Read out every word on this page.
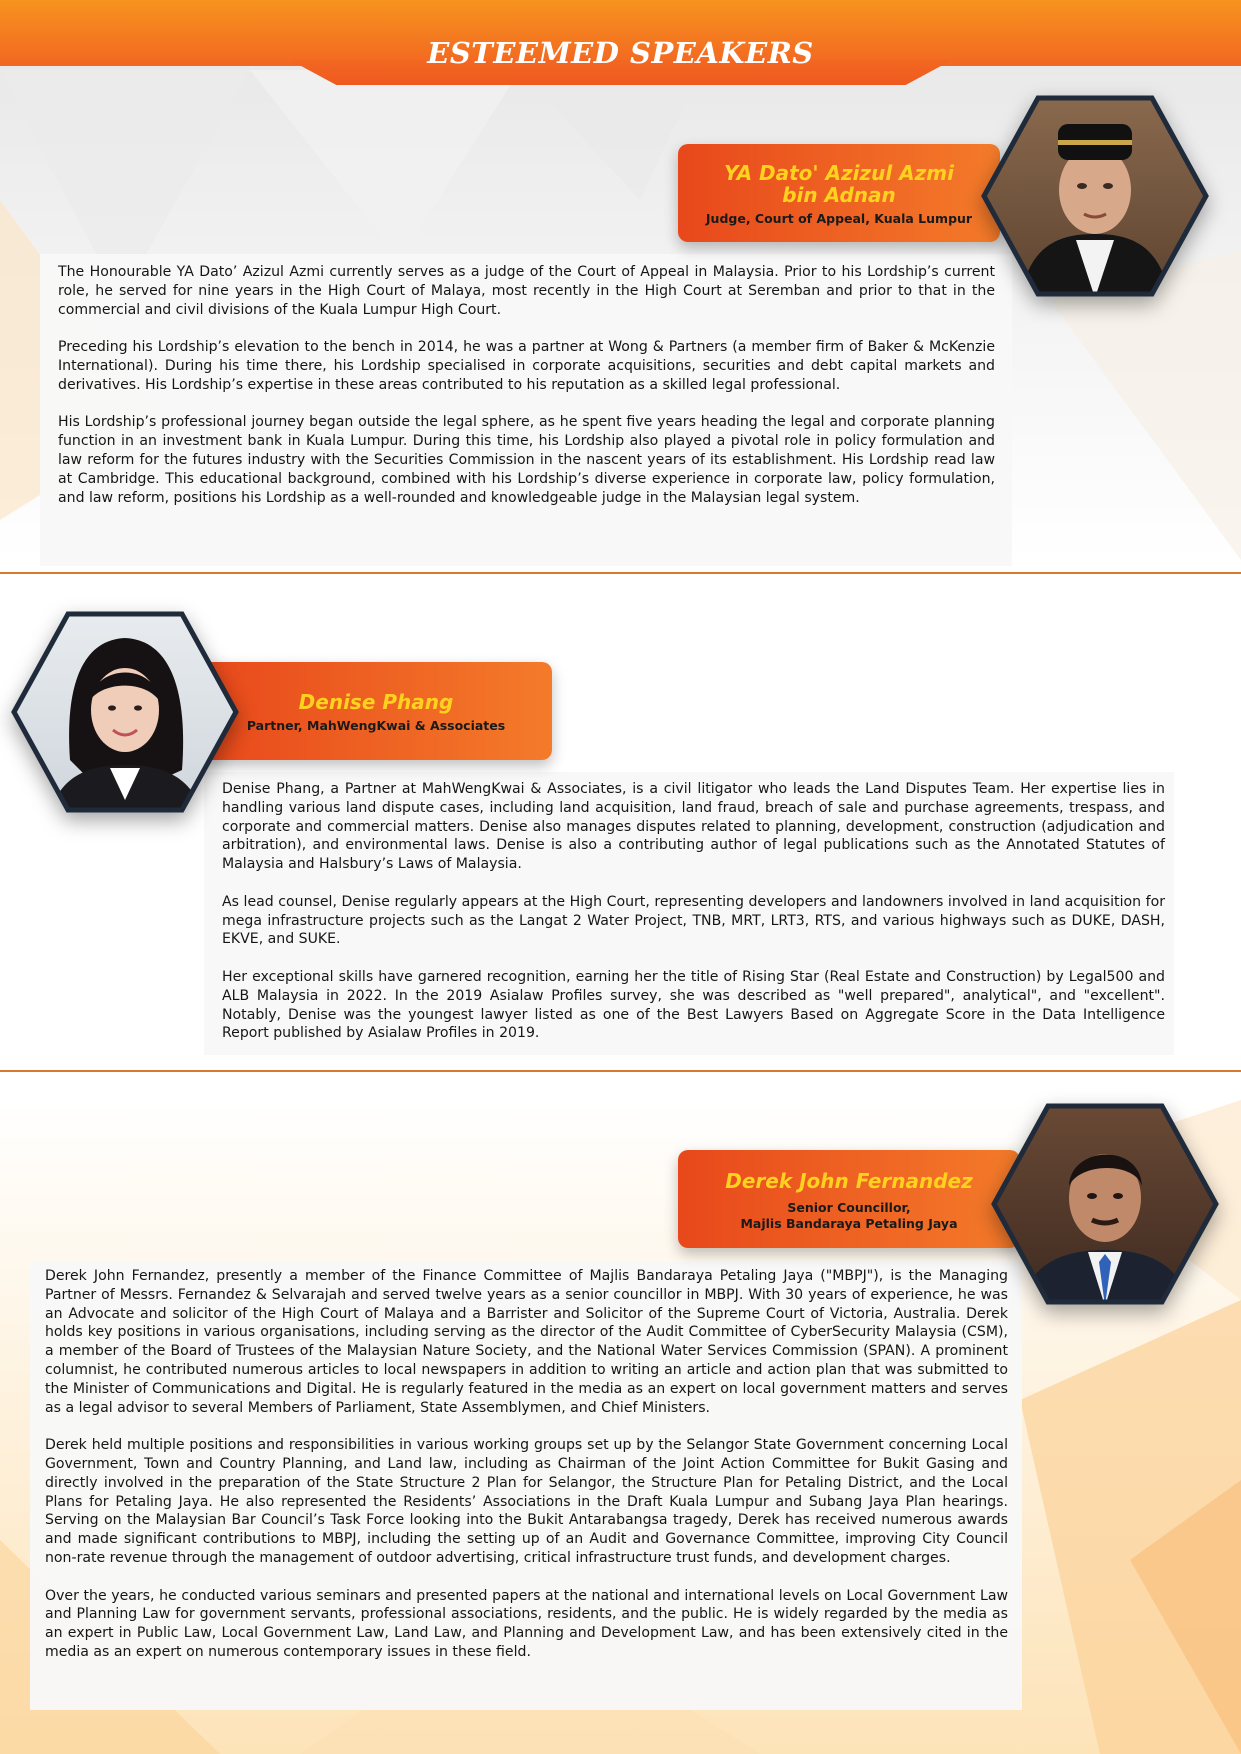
ESTEEMED SPEAKERS

The Honourable YA Dato’ Azizul Azmi currently serves as a judge of the Court of Appeal in Malaysia. Prior to his Lordship’s current role, he served for nine years in the High Court of Malaya, most recently in the High Court at Seremban and prior to that in the commercial and civil divisions of the Kuala Lumpur High Court.

Preceding his Lordship’s elevation to the bench in 2014, he was a partner at Wong & Partners (a member firm of Baker & McKenzie International). During his time there, his Lordship specialised in corporate acquisitions, securities and debt capital markets and derivatives. His Lordship’s expertise in these areas contributed to his reputation as a skilled legal professional.

His Lordship’s professional journey began outside the legal sphere, as he spent five years heading the legal and corporate planning function in an investment bank in Kuala Lumpur. During this time, his Lordship also played a pivotal role in policy formulation and law reform for the futures industry with the Securities Commission in the nascent years of its establishment. His Lordship read law at Cambridge. This educational background, combined with his Lordship’s diverse experience in corporate law, policy formulation, and law reform, positions his Lordship as a well-rounded and knowledgeable judge in the Malaysian legal system.

YA Dato' Azizul Azmi

bin Adnan

Judge, Court of Appeal, Kuala Lumpur

Denise Phang, a Partner at MahWengKwai & Associates, is a civil litigator who leads the Land Disputes Team. Her expertise lies in handling various land dispute cases, including land acquisition, land fraud, breach of sale and purchase agreements, trespass, and corporate and commercial matters. Denise also manages disputes related to planning, development, construction (adjudication and arbitration), and environmental laws. Denise is also a contributing author of legal publications such as the Annotated Statutes of Malaysia and Halsbury’s Laws of Malaysia.

As lead counsel, Denise regularly appears at the High Court, representing developers and landowners involved in land acquisition for mega infrastructure projects such as the Langat 2 Water Project, TNB, MRT, LRT3, RTS, and various highways such as DUKE, DASH, EKVE, and SUKE.

Her exceptional skills have garnered recognition, earning her the title of Rising Star (Real Estate and Construction) by Legal500 and ALB Malaysia in 2022. In the 2019 Asialaw Profiles survey, she was described as "well prepared", analytical", and "excellent". Notably, Denise was the youngest lawyer listed as one of the Best Lawyers Based on Aggregate Score in the Data Intelligence Report published by Asialaw Profiles in 2019.

Denise Phang

Partner, MahWengKwai & Associates

Derek John Fernandez, presently a member of the Finance Committee of Majlis Bandaraya Petaling Jaya ("MBPJ"), is the Managing Partner of Messrs. Fernandez & Selvarajah and served twelve years as a senior councillor in MBPJ. With 30 years of experience, he was an Advocate and solicitor of the High Court of Malaya and a Barrister and Solicitor of the Supreme Court of Victoria, Australia. Derek holds key positions in various organisations, including serving as the director of the Audit Committee of CyberSecurity Malaysia (CSM), a member of the Board of Trustees of the Malaysian Nature Society, and the National Water Services Commission (SPAN). A prominent columnist, he contributed numerous articles to local newspapers in addition to writing an article and action plan that was submitted to the Minister of Communications and Digital. He is regularly featured in the media as an expert on local government matters and serves as a legal advisor to several Members of Parliament, State Assemblymen, and Chief Ministers.

Derek held multiple positions and responsibilities in various working groups set up by the Selangor State Government concerning Local Government, Town and Country Planning, and Land law, including as Chairman of the Joint Action Committee for Bukit Gasing and directly involved in the preparation of the State Structure 2 Plan for Selangor, the Structure Plan for Petaling District, and the Local Plans for Petaling Jaya. He also represented the Residents’ Associations in the Draft Kuala Lumpur and Subang Jaya Plan hearings. Serving on the Malaysian Bar Council’s Task Force looking into the Bukit Antarabangsa tragedy, Derek has received numerous awards and made significant contributions to MBPJ, including the setting up of an Audit and Governance Committee, improving City Council non-rate revenue through the management of outdoor advertising, critical infrastructure trust funds, and development charges.

Over the years, he conducted various seminars and presented papers at the national and international levels on Local Government Law and Planning Law for government servants, professional associations, residents, and the public. He is widely regarded by the media as an expert in Public Law, Local Government Law, Land Law, and Planning and Development Law, and has been extensively cited in the media as an expert on numerous contemporary issues in these field.

Derek John Fernandez

Senior Councillor,

Majlis Bandaraya Petaling Jaya
